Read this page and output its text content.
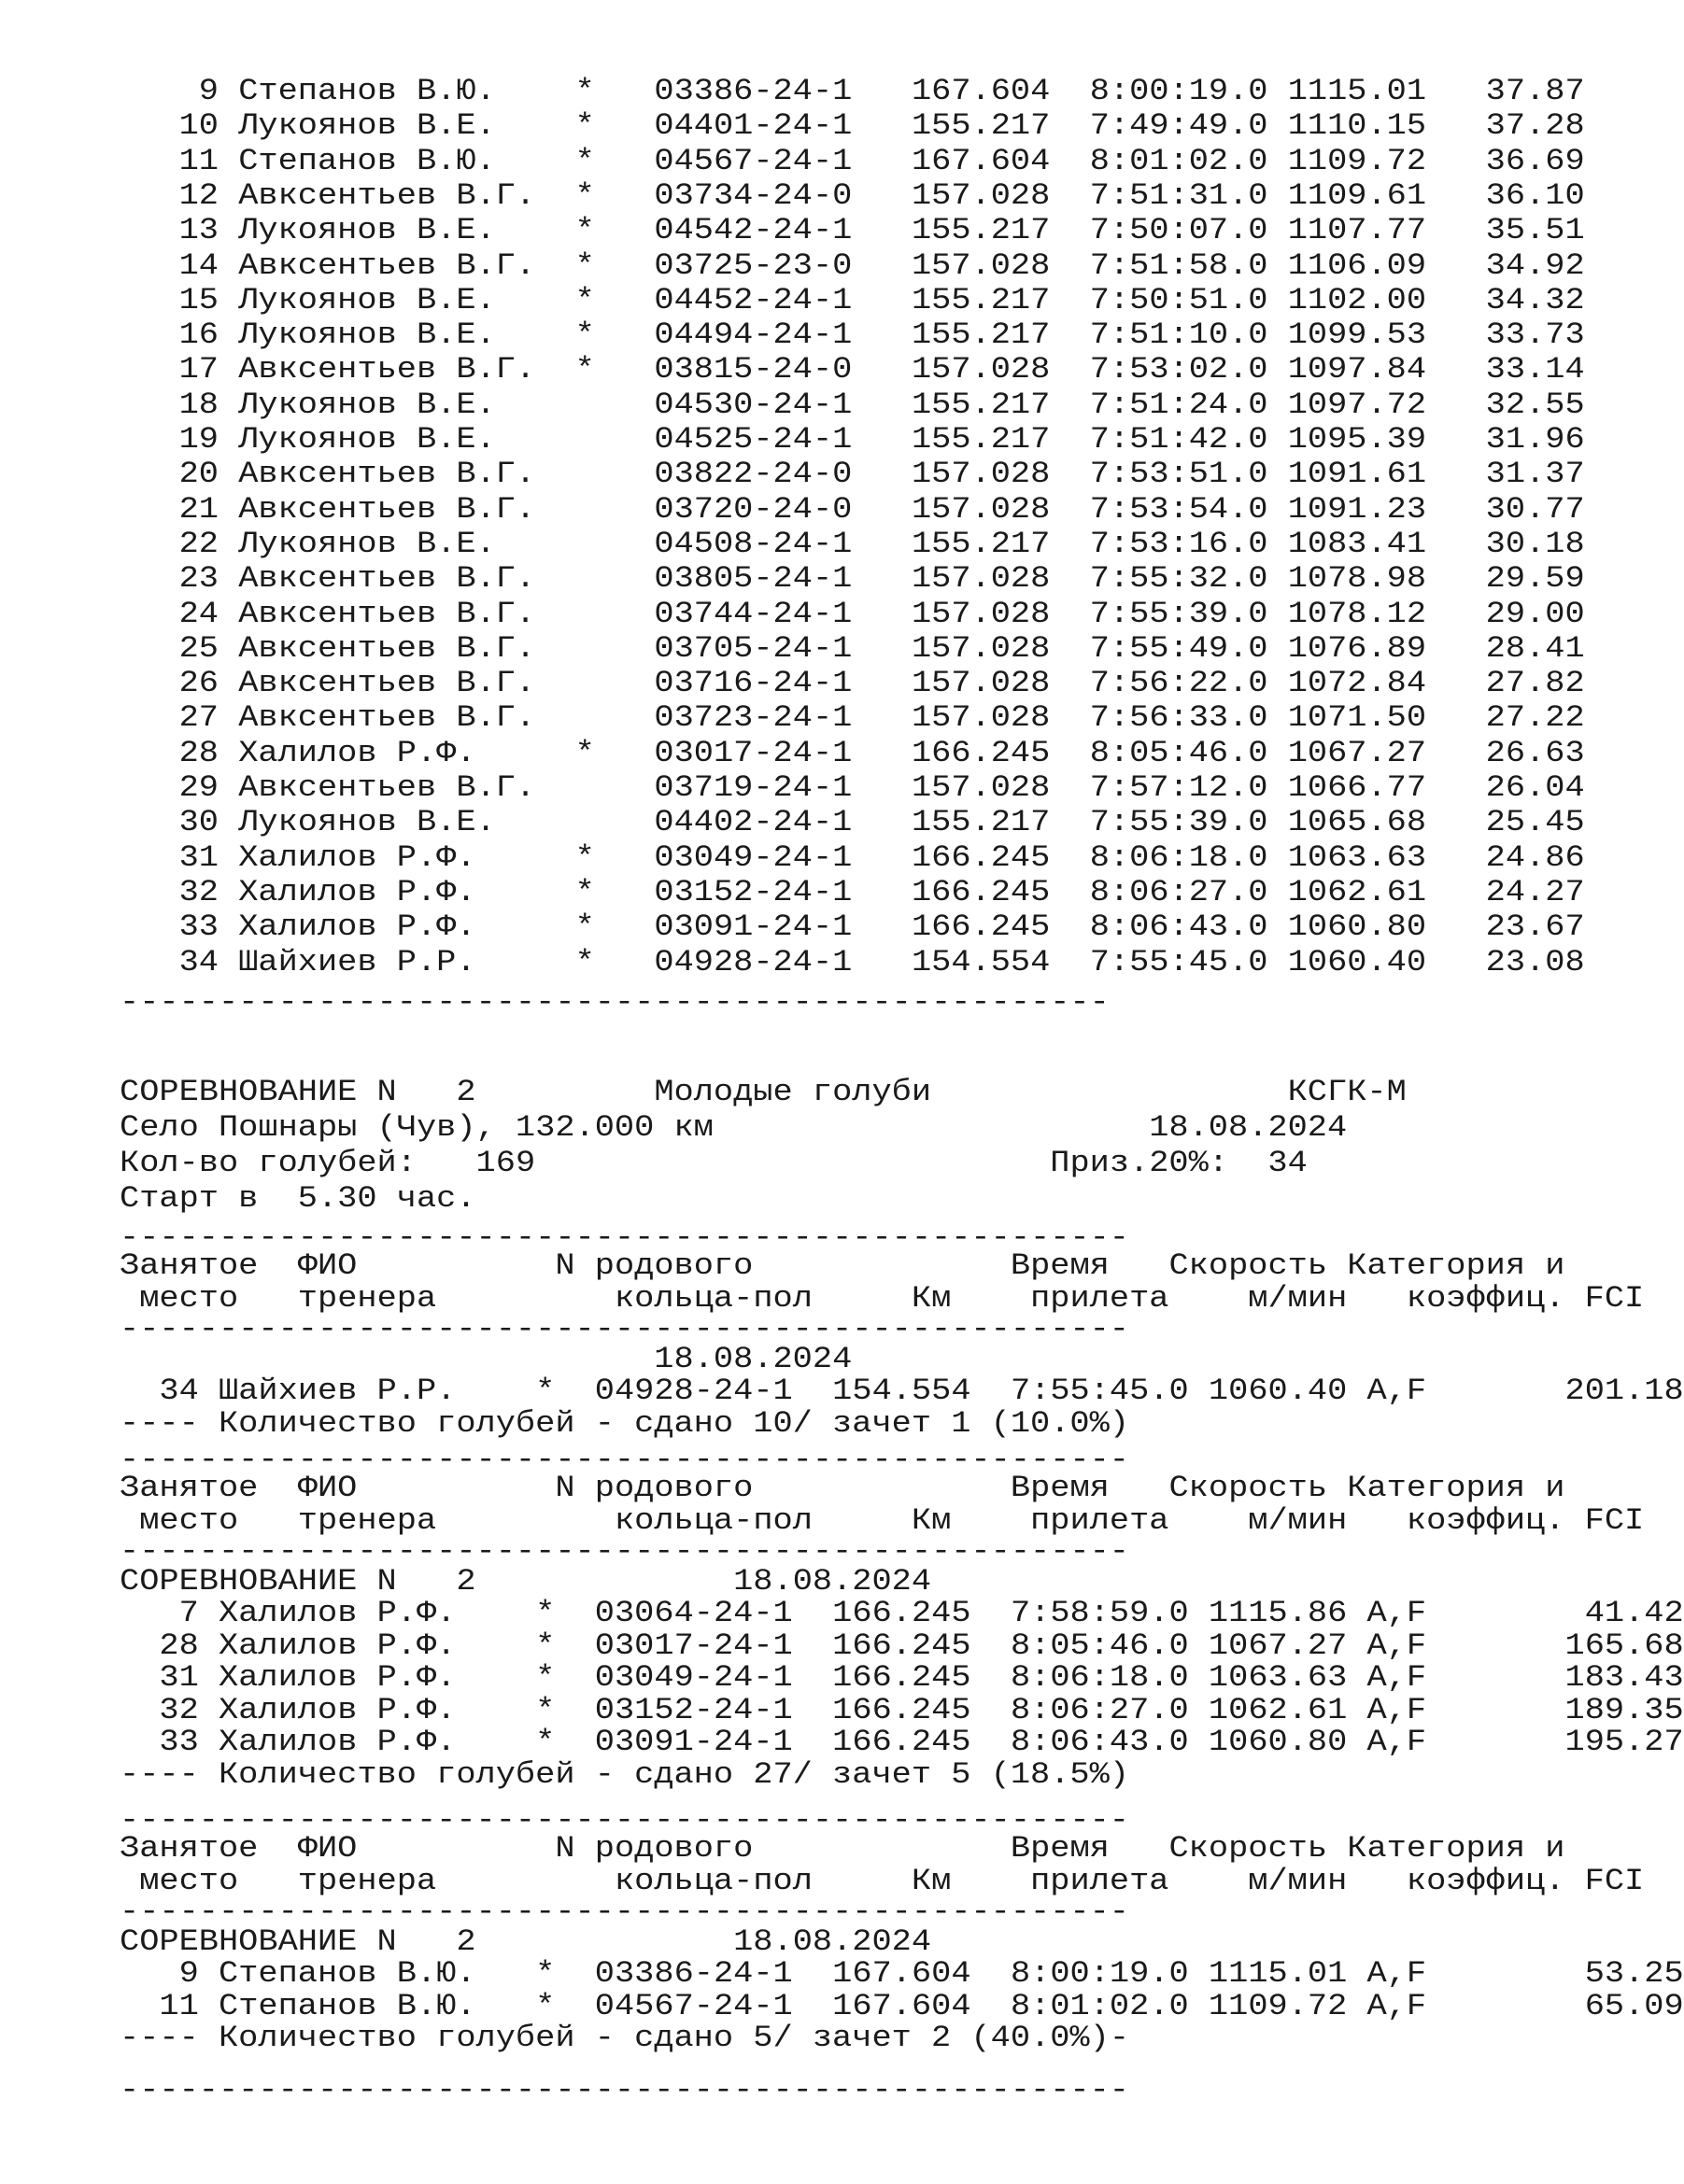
9 Степанов В.Ю.    * 03386-24-1 167.604 8:00:19.0 1115.01   37.87
10 Лукоянов В.Е.    * 04401-24-1 155.217 7:49:49.0 1110.15   37.28
11 Степанов В.Ю.    * 04567-24-1 167.604 8:01:02.0 1109.72   36.69
12 Авксентьев В.Г.  * 03734-24-0 157.028 7:51:31.0 1109.61   36.10
13 Лукоянов В.Е.    * 04542-24-1 155.217 7:50:07.0 1107.77   35.51
14 Авксентьев В.Г.  * 03725-23-0 157.028 7:51:58.0 1106.09   34.92
15 Лукоянов В.Е.    * 04452-24-1 155.217 7:50:51.0 1102.00   34.32
16 Лукоянов В.Е.    * 04494-24-1 155.217 7:51:10.0 1099.53   33.73
17 Авксентьев В.Г.  * 03815-24-0 157.028 7:53:02.0 1097.84   33.14
18 Лукоянов В.Е.	04530-24-1 155.217 7:51:24.0 1097.72   32.55
19 Лукоянов В.Е.	04525-24-1 155.217 7:51:42.0 1095.39   31.96
20 Авксентьев В.Г.	03822-24-0 157.028 7:53:51.0 1091.61   31.37
21 Авксентьев В.Г.	03720-24-0 157.028 7:53:54.0 1091.23   30.77
22 Лукоянов В.Е.	04508-24-1 155.217 7:53:16.0 1083.41   30.18
23 Авксентьев В.Г.	03805-24-1 157.028 7:55:32.0 1078.98   29.59
24 Авксентьев В.Г.	03744-24-1 157.028 7:55:39.0 1078.12   29.00
25 Авксентьев В.Г.	03705-24-1 157.028 7:55:49.0 1076.89   28.41
26 Авксентьев В.Г.	03716-24-1 157.028 7:56:22.0 1072.84   27.82
27 Авксентьев В.Г.	03723-24-1 157.028 7:56:33.0 1071.50   27.22
28 Халилов Р.Ф.     * 03017-24-1 166.245 8:05:46.0 1067.27   26.63
29 Авксентьев В.Г.	03719-24-1 157.028 7:57:12.0 1066.77   26.04
30 Лукоянов В.Е.	04402-24-1 155.217 7:55:39.0 1065.68   25.45
31 Халилов Р.Ф.     * 03049-24-1 166.245 8:06:18.0 1063.63   24.86
32 Халилов Р.Ф.     * 03152-24-1 166.245 8:06:27.0 1062.61   24.27
33 Халилов Р.Ф.     * 03091-24-1 166.245 8:06:43.0 1060.80   23.67
34 Шайхиев Р.Р.     * 04928-24-1 154.554 7:55:45.0 1060.40   23.08
--------------------------------------------------
СОРЕВНОВАНИЕ N 2	Молодые голуби	КСГК-М
Село Пошнары (Чув), 132.000 км	18.08.2024
Кол-во голубей: 169	Приз.20%: 34
Старт в  5.30 час.
---------------------------------------------------
Занятое ФИО	N родового	Время Скорость Категория и
место тренера	кольца-пол	Км	прилета	м/мин коэффиц. FCI
---------------------------------------------------
18.08.2024
34 Шайхиев Р.Р.    * 04928-24-1 154.554 7:55:45.0 1060.40 A,F	201.18
---- Количество голубей - сдано 10/ зачет 1 (10.0%)
---------------------------------------------------
Занятое ФИО	N родового	Время Скорость Категория и
место тренера	кольца-пол	Км	прилета	м/мин коэффиц. FCI
---------------------------------------------------
СОРЕВНОВАНИЕ N 2	18.08.2024
7 Халилов Р.Ф.    * 03064-24-1 166.245 7:58:59.0 1115.86 A,F	41.42
28 Халилов Р.Ф.    * 03017-24-1 166.245 8:05:46.0 1067.27 A,F	165.68
31 Халилов Р.Ф.    * 03049-24-1 166.245 8:06:18.0 1063.63 A,F	183.43
32 Халилов Р.Ф.    * 03152-24-1 166.245 8:06:27.0 1062.61 A,F	189.35
33 Халилов Р.Ф.    * 03091-24-1 166.245 8:06:43.0 1060.80 A,F	195.27
---- Количество голубей - сдано 27/ зачет 5 (18.5%)
---------------------------------------------------
Занятое ФИО	N родового	Время Скорость Категория и
место тренера	кольца-пол	Км	прилета	м/мин коэффиц. FCI
---------------------------------------------------
СОРЕВНОВАНИЕ N 2	18.08.2024
9 Степанов В.Ю.   * 03386-24-1 167.604 8:00:19.0 1115.01 A,F	53.25
11 Степанов В.Ю.   * 04567-24-1 167.604 8:01:02.0 1109.72 A,F	65.09
---- Количество голубей - сдано 5/ зачет 2 (40.0%)-
---------------------------------------------------
